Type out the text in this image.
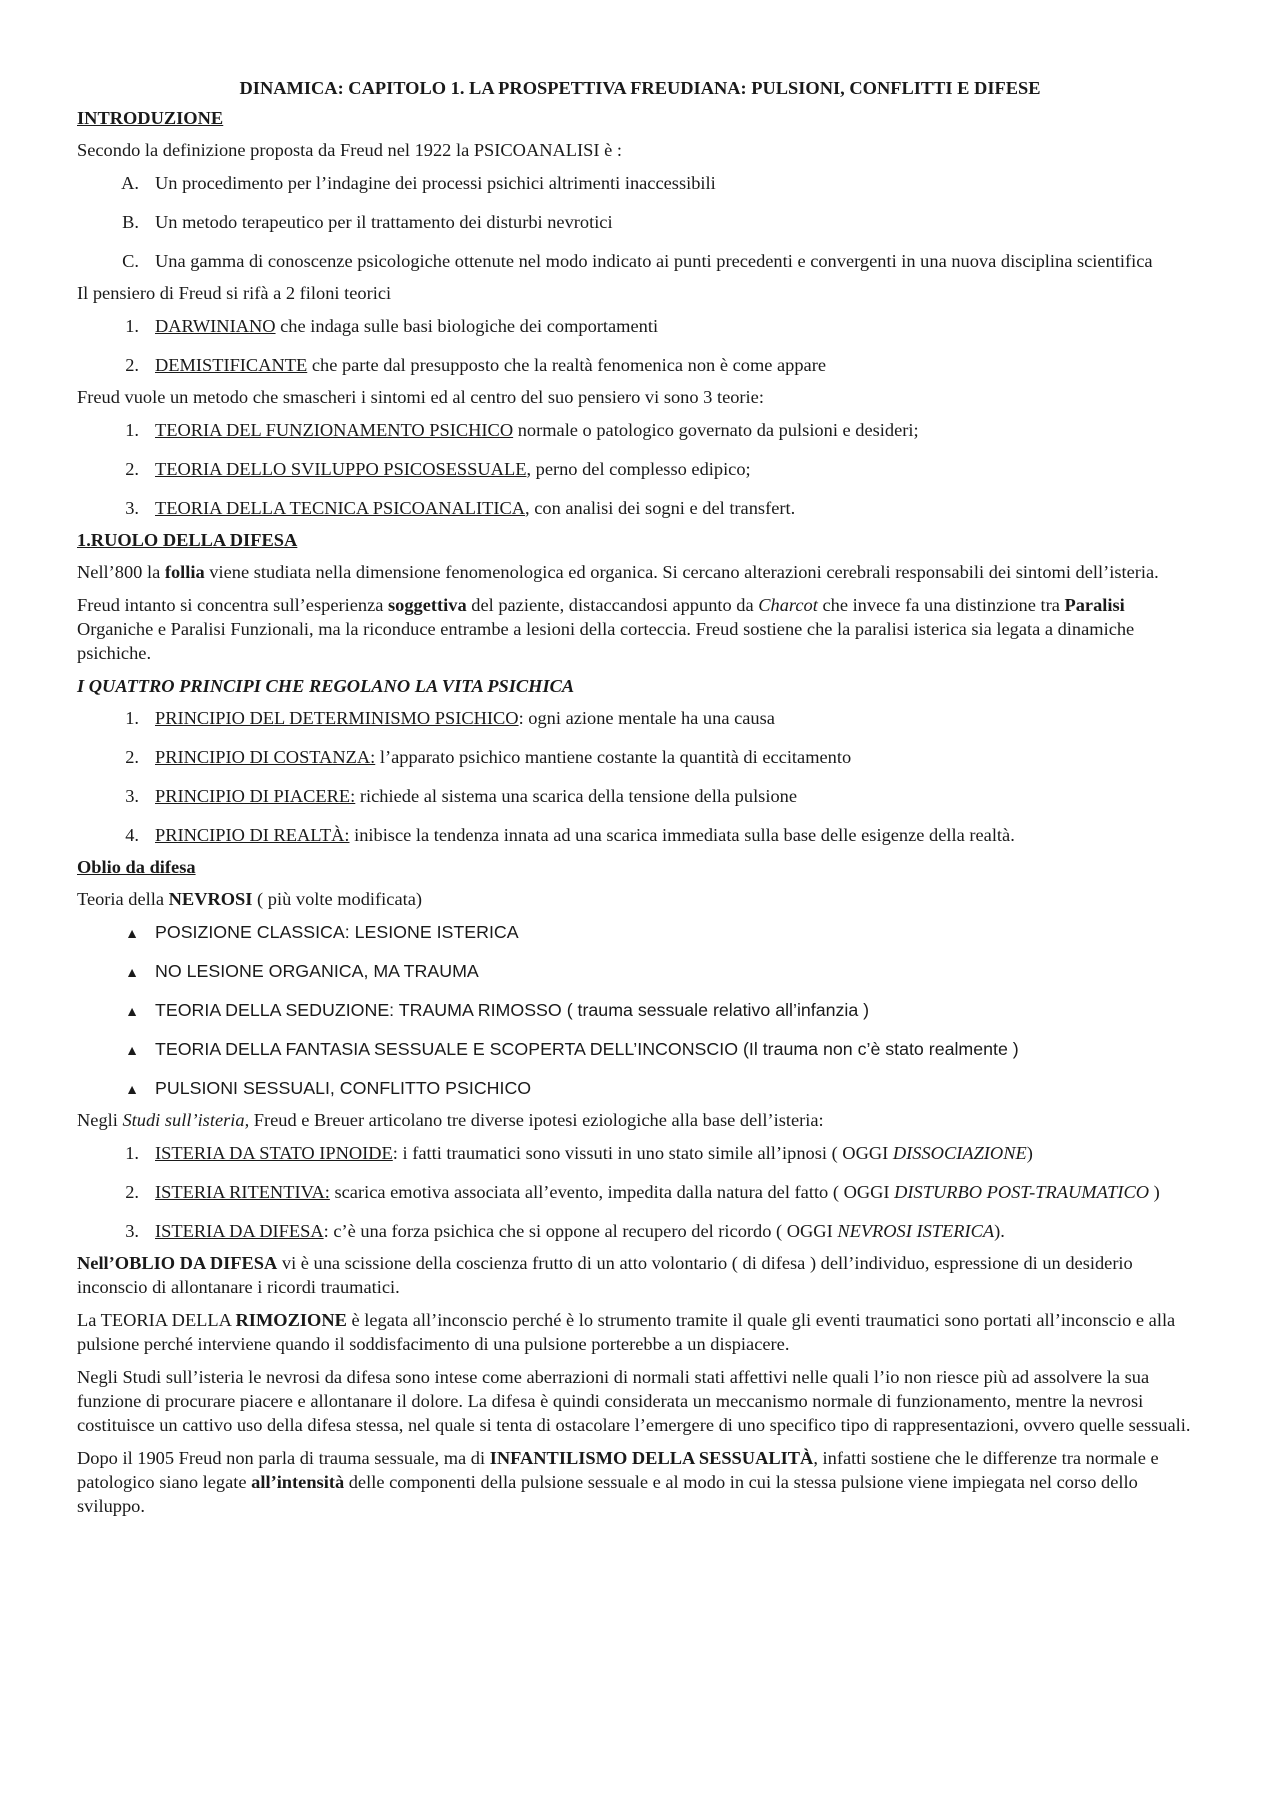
DINAMICA: CAPITOLO 1. LA PROSPETTIVA FREUDIANA: PULSIONI, CONFLITTI E DIFESE
INTRODUZIONE

Secondo la definizione proposta da Freud nel 1922 la PSICOANALISI è :

A. Un procedimento per l’indagine dei processi psichici altrimenti inaccessibili
B. Un metodo terapeutico per il trattamento dei disturbi nevrotici
C. Una gamma di conoscenze psicologiche ottenute nel modo indicato ai punti precedenti e convergenti in una nuova disciplina scientifica

Il pensiero di Freud si rifà a 2 filoni teorici

1. DARWINIANO che indaga sulle basi biologiche dei comportamenti
2. DEMISTIFICANTE che parte dal presupposto che la realtà fenomenica non è come appare

Freud vuole un metodo che smascheri i sintomi ed al centro del suo pensiero vi sono 3 teorie:

1. TEORIA DEL FUNZIONAMENTO PSICHICO normale o patologico governato da pulsioni e desideri;
2. TEORIA DELLO SVILUPPO PSICOSESSUALE, perno del complesso edipico;
3. TEORIA DELLA TECNICA PSICOANALITICA, con analisi dei sogni e del transfert.
1.RUOLO DELLA DIFESA

Nell’800 la follia viene studiata nella dimensione fenomenologica ed organica. Si cercano alterazioni cerebrali responsabili dei sintomi dell’isteria.

Freud intanto si concentra sull’esperienza soggettiva del paziente, distaccandosi appunto da Charcot che invece fa una distinzione tra Paralisi Organiche e Paralisi Funzionali, ma la riconduce entrambe a lesioni della corteccia. Freud sostiene che la paralisi isterica sia legata a dinamiche psichiche.

I QUATTRO PRINCIPI CHE REGOLANO LA VITA PSICHICA
1. PRINCIPIO DEL DETERMINISMO PSICHICO: ogni azione mentale ha una causa
2. PRINCIPIO DI COSTANZA: l’apparato psichico mantiene costante la quantità di eccitamento
3. PRINCIPIO DI PIACERE: richiede al sistema una scarica della tensione della pulsione
4. PRINCIPIO DI REALTÀ: inibisce la tendenza innata ad una scarica immediata sulla base delle esigenze della realtà.
Oblio da difesa

Teoria della NEVROSI ( più volte modificata)

▲ POSIZIONE CLASSICA: LESIONE ISTERICA
▲ NO LESIONE ORGANICA, MA TRAUMA
▲ TEORIA DELLA SEDUZIONE: TRAUMA RIMOSSO ( trauma sessuale relativo all’infanzia )
▲ TEORIA DELLA FANTASIA SESSUALE E SCOPERTA DELL’INCONSCIO (Il trauma non c’è stato realmente )
▲ PULSIONI SESSUALI, CONFLITTO PSICHICO

Negli Studi sull’isteria, Freud e Breuer articolano tre diverse ipotesi eziologiche alla base dell’isteria:

1. ISTERIA DA STATO IPNOIDE: i fatti traumatici sono vissuti in uno stato simile all’ipnosi ( OGGI DISSOCIAZIONE)
2. ISTERIA RITENTIVA: scarica emotiva associata all’evento, impedita dalla natura del fatto ( OGGI DISTURBO POST-TRAUMATICO )
3. ISTERIA DA DIFESA: c’è una forza psichica che si oppone al recupero del ricordo ( OGGI NEVROSI ISTERICA).

Nell’OBLIO DA DIFESA vi è una scissione della coscienza frutto di un atto volontario ( di difesa ) dell’individuo, espressione di un desiderio inconscio di allontanare i ricordi traumatici.

La TEORIA DELLA RIMOZIONE è legata all’inconscio perché è lo strumento tramite il quale gli eventi traumatici sono portati all’inconscio e alla pulsione perché interviene quando il soddisfacimento di una pulsione porterebbe a un dispiacere.

Negli Studi sull’isteria le nevrosi da difesa sono intese come aberrazioni di normali stati affettivi nelle quali l’io non riesce più ad assolvere la sua funzione di procurare piacere e allontanare il dolore. La difesa è quindi considerata un meccanismo normale di funzionamento, mentre la nevrosi costituisce un cattivo uso della difesa stessa, nel quale si tenta di ostacolare l’emergere di uno specifico tipo di rappresentazioni, ovvero quelle sessuali.

Dopo il 1905 Freud non parla di trauma sessuale, ma di INFANTILISMO DELLA SESSUALITÀ, infatti sostiene che le differenze tra normale e patologico siano legate all’intensità delle componenti della pulsione sessuale e al modo in cui la stessa pulsione viene impiegata nel corso dello sviluppo.
